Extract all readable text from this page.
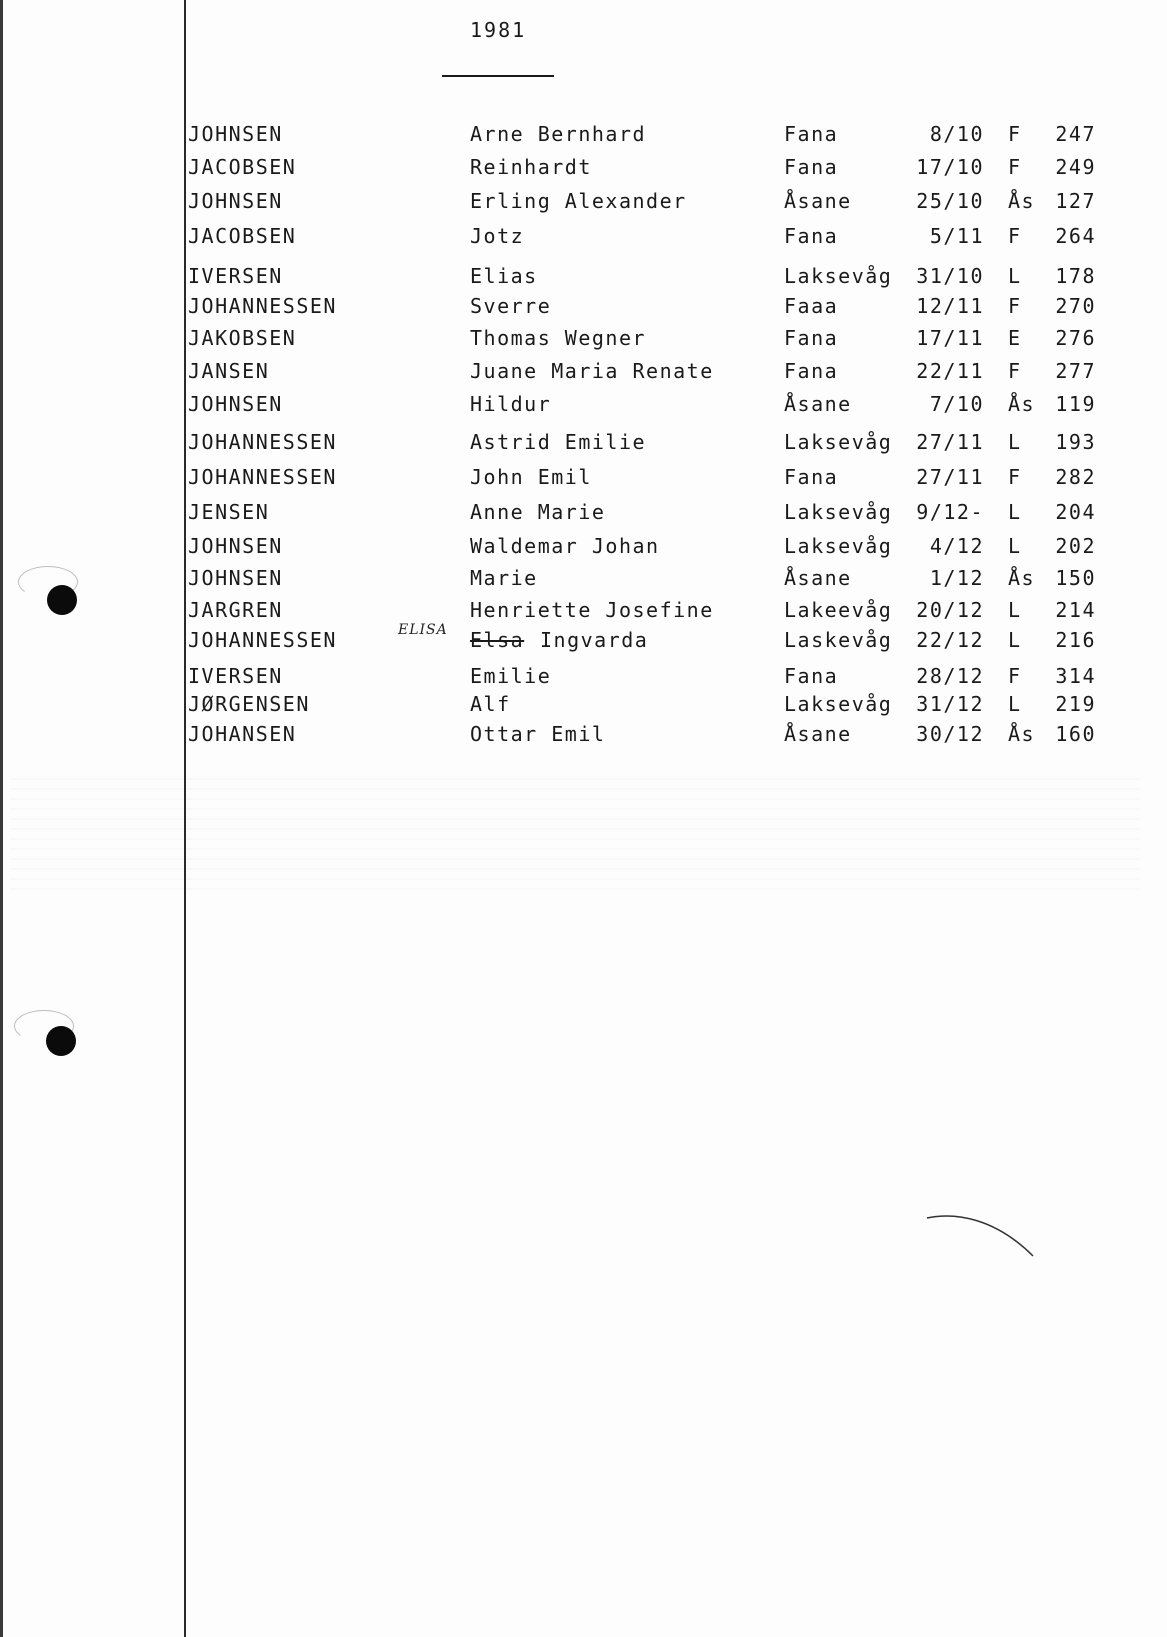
1981
JOHNSEN	Arne Bernhard	Fana	8/10 F 247
JACOBSEN	Reinhardt	Fana	17/10 F 249
JOHNSEN	Erling Alexander	Åsane	25/10 Ås 127
JACOBSEN	Jotz	Fana	5/11 F 264
IVERSEN	Elias	Laksevåg	31/10 L 178
JOHANNESSEN	Sverre	Faaa	12/11 F 270
JAKOBSEN	Thomas Wegner	Fana	17/11 E 276
JANSEN	Juane Maria Renate	Fana	22/11 F 277
JOHNSEN	Hildur	Åsane	7/10 Ås 119
JOHANNESSEN	Astrid Emilie	Laksevåg	27/11 L 193
JOHANNESSEN	John Emil	Fana	27/11 F 282
JENSEN	Anne Marie	Laksevåg	9/12- L 204
JOHNSEN	Waldemar Johan	Laksevåg	4/12 L 202
JOHNSEN	Marie	Åsane	1/12 Ås 150
JARGREN	Henriette Josefine	Lakeevåg	20/12 L 214
JOHANNESSEN	Ingvarda	Laskevåg	22/12 L 216
ELISA Elsa
IVERSEN	Emilie	Fana	28/12 F 314
JØRGENSEN	Alf	Laksevåg	31/12 L 219
JOHANSEN	Ottar Emil	Åsane	30/12 Ås 160
